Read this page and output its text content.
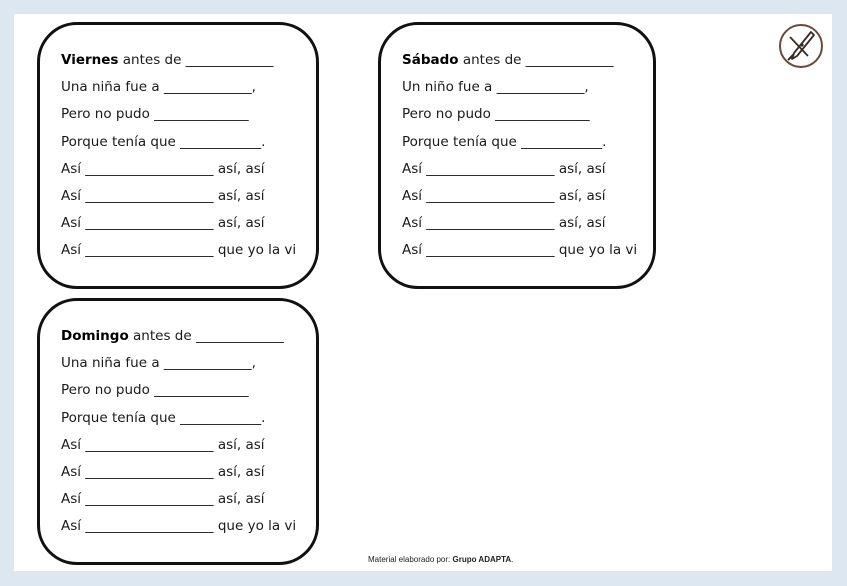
Viernes antes de _____________
Una niña fue a _____________,
Pero no pudo ______________
Porque tenía que ____________.
Así ___________________ así, así
Así ___________________ así, así
Así ___________________ así, así
Así ___________________ que yo la vi
Sábado antes de _____________
Un niño fue a _____________,
Pero no pudo ______________
Porque tenía que ____________.
Así ___________________ así, así
Así ___________________ así, así
Así ___________________ así, así
Así ___________________ que yo la vi
Domingo antes de _____________
Una niña fue a _____________,
Pero no pudo ______________
Porque tenía que ____________.
Así ___________________ así, así
Así ___________________ así, así
Así ___________________ así, así
Así ___________________ que yo la vi
Material elaborado por: Grupo ADAPTA.
